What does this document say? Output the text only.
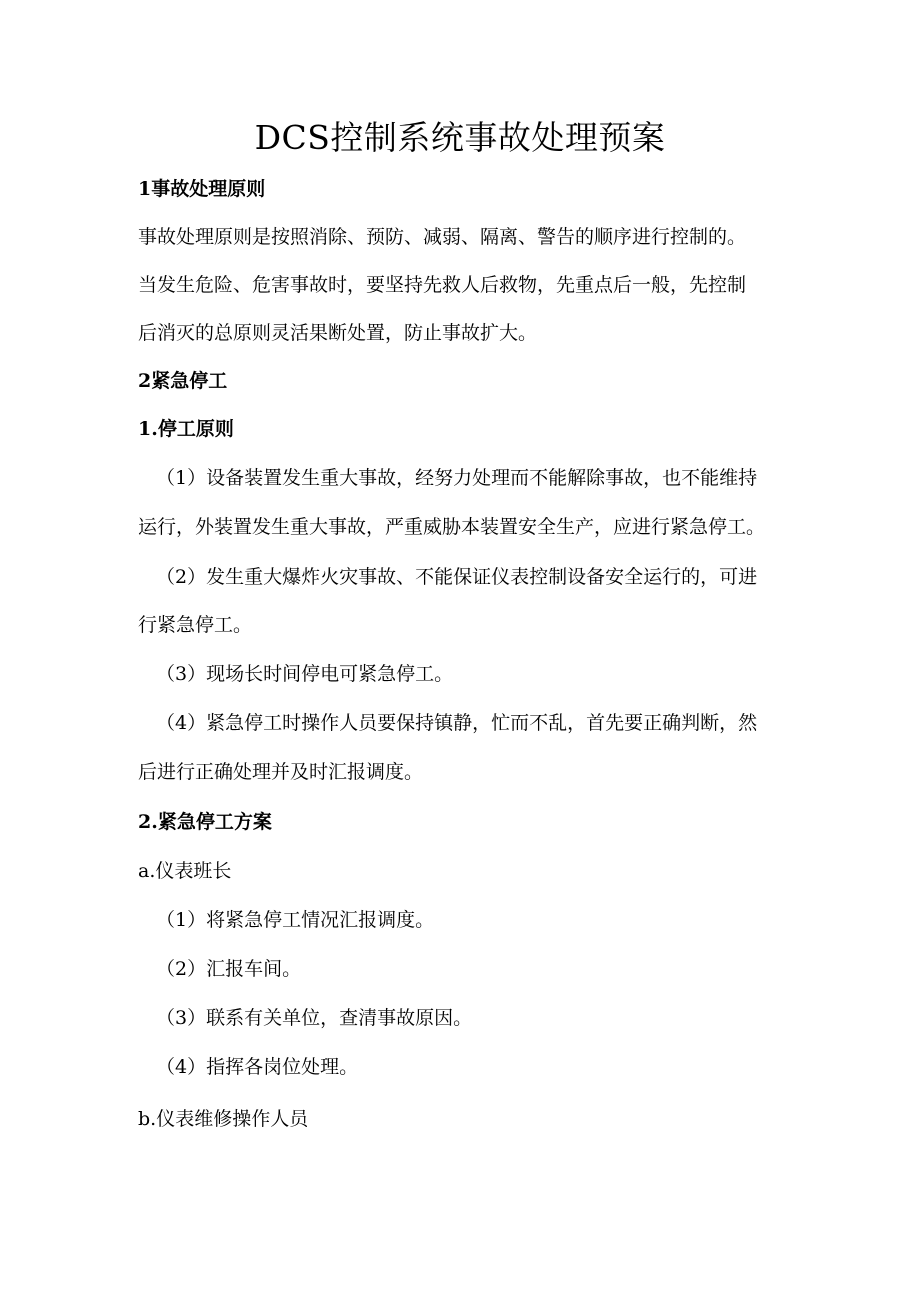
DCS控制系统事故处理预案

1事故处理原则

事故处理原则是按照消除、预防、减弱、隔离、警告的顺序进行控制的。

当发生危险、危害事故时，要坚持先救人后救物，先重点后一般，先控制

后消灭的总原则灵活果断处置，防止事故扩大。

2紧急停工

1.停工原则

（1）设备装置发生重大事故，经努力处理而不能解除事故，也不能维持

运行，外装置发生重大事故，严重威胁本装置安全生产，应进行紧急停工。

（2）发生重大爆炸火灾事故、不能保证仪表控制设备安全运行的，可进

行紧急停工。

（3）现场长时间停电可紧急停工。

（4）紧急停工时操作人员要保持镇静，忙而不乱，首先要正确判断，然

后进行正确处理并及时汇报调度。

2.紧急停工方案

a.仪表班长

（1）将紧急停工情况汇报调度。

（2）汇报车间。

（3）联系有关单位，查清事故原因。

（4）指挥各岗位处理。

b.仪表维修操作人员
